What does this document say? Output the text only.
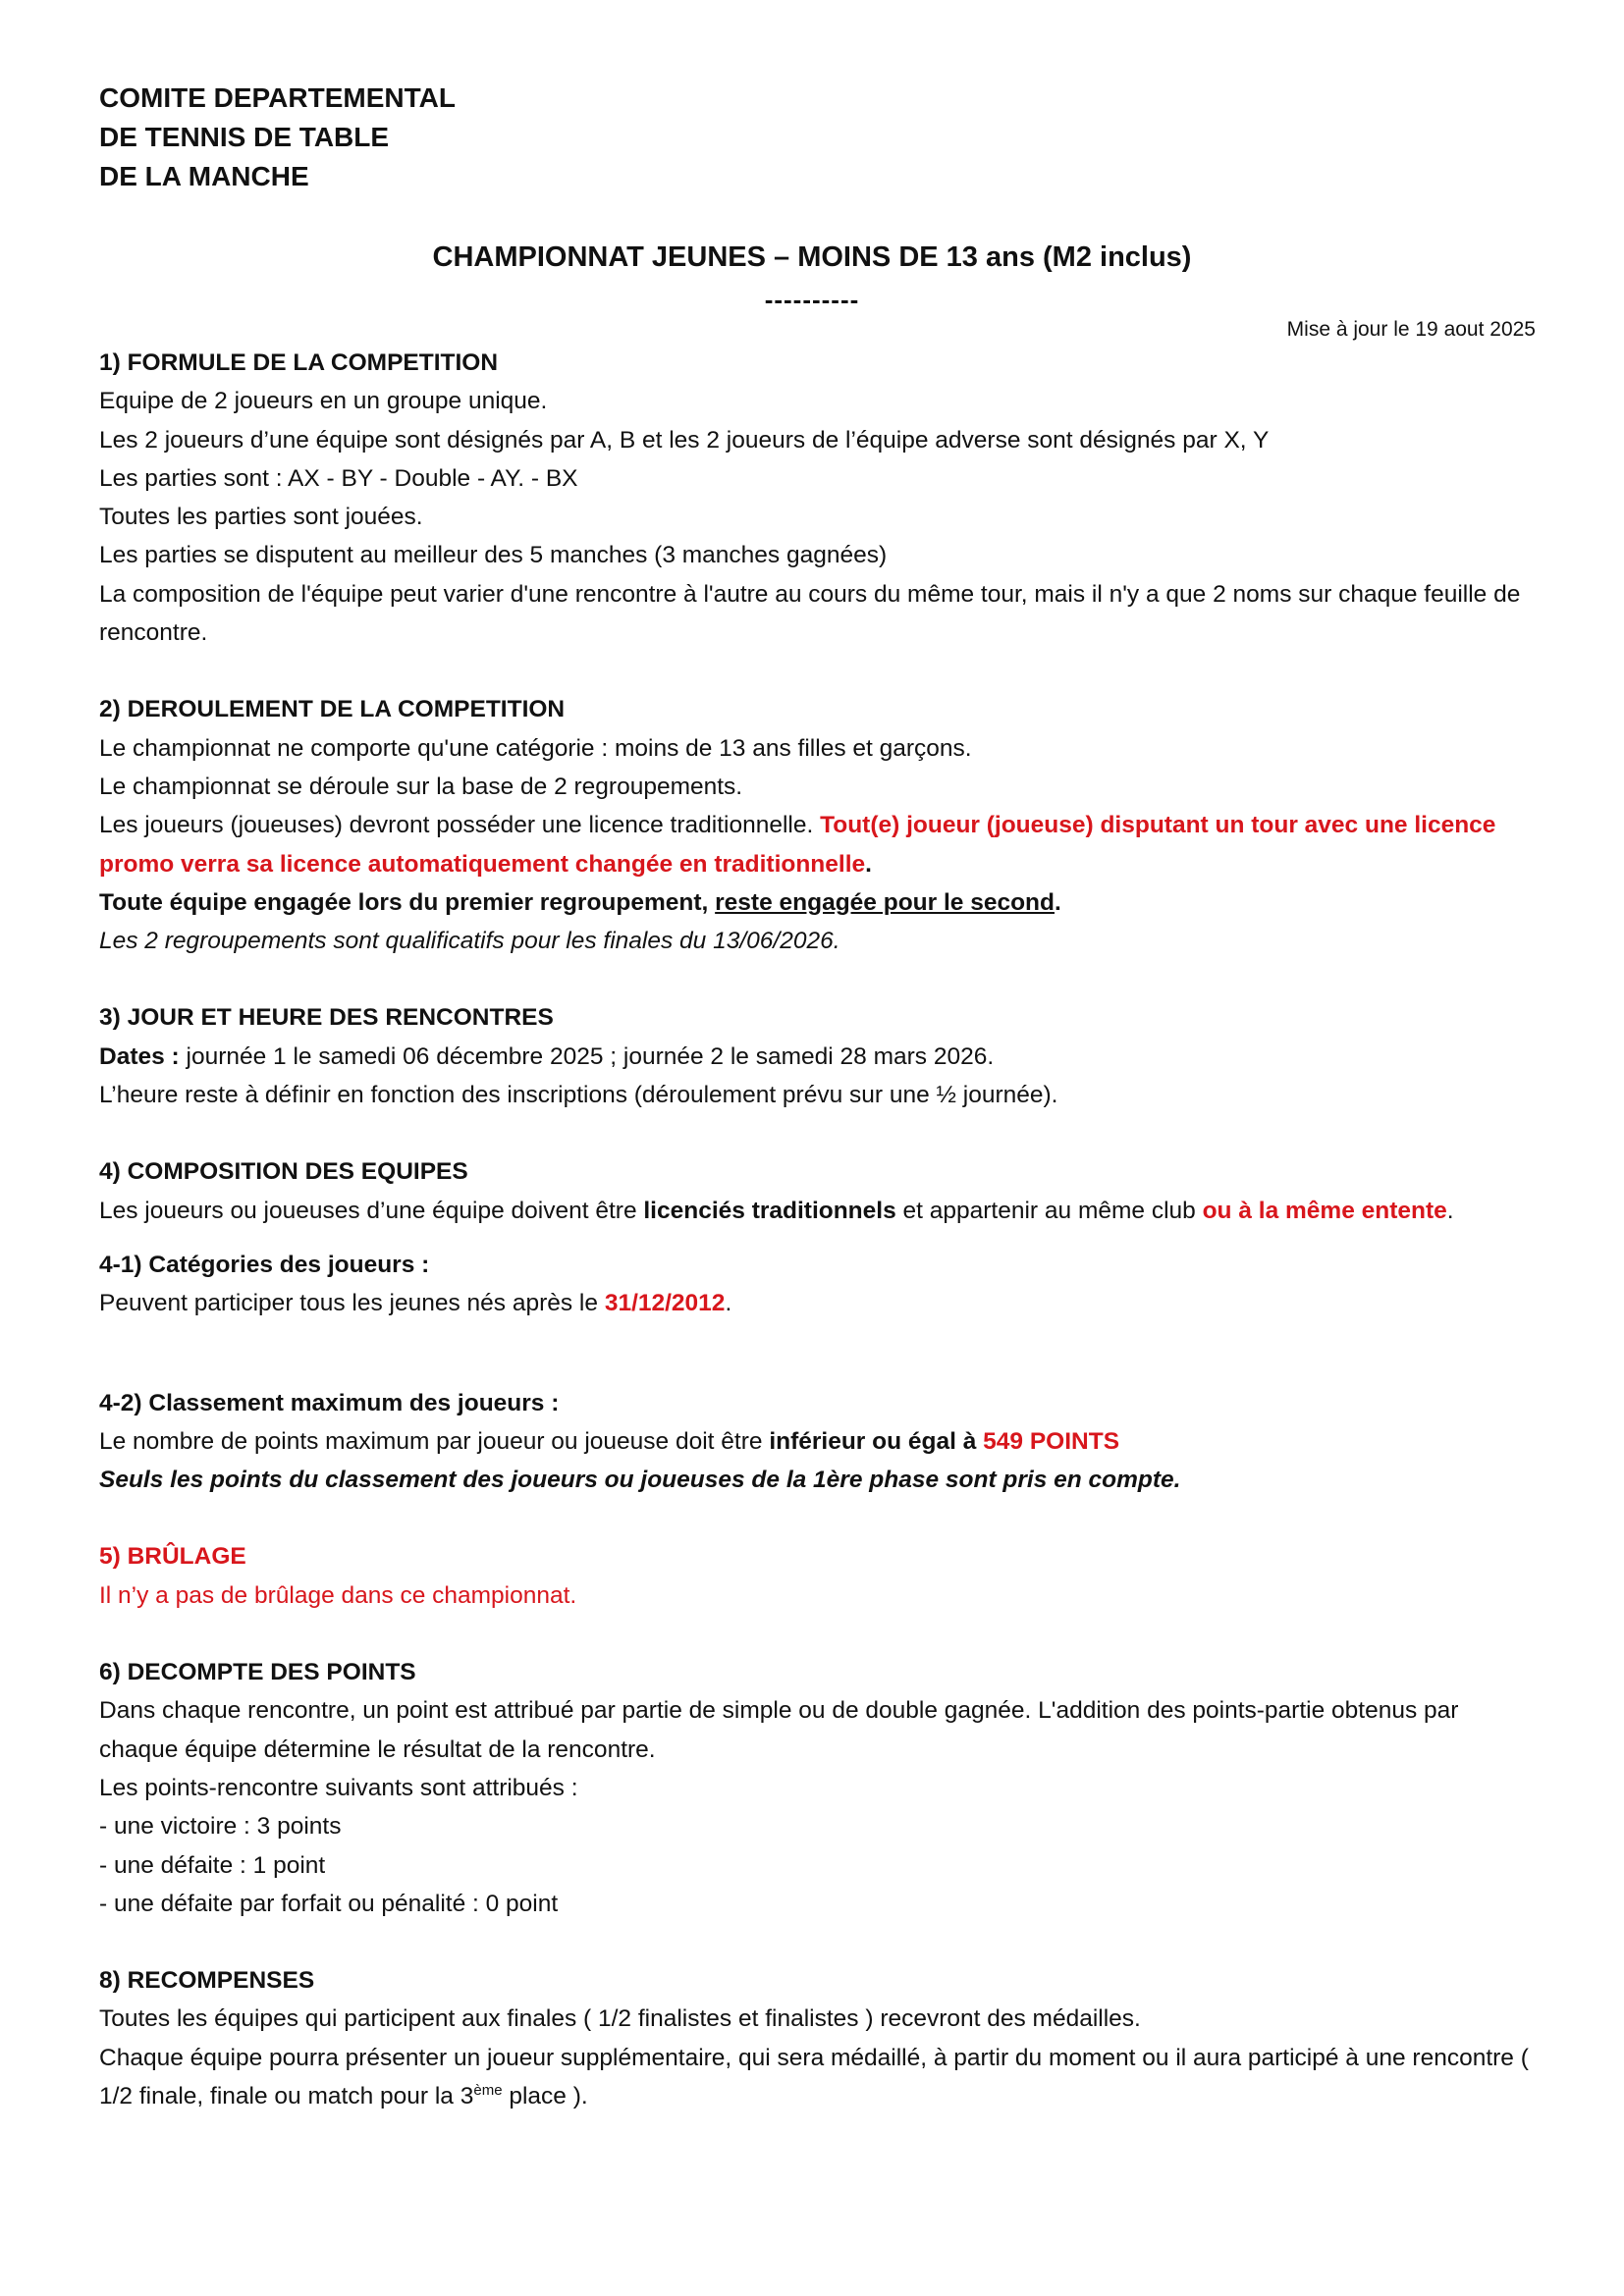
COMITE DEPARTEMENTAL
DE TENNIS DE TABLE
DE LA MANCHE
CHAMPIONNAT JEUNES – MOINS DE 13 ans (M2 inclus)
----------
Mise à jour le 19 aout 2025

1) FORMULE DE LA COMPETITION

Equipe de 2 joueurs en un groupe unique.

Les 2 joueurs d’une équipe sont désignés par A, B et les 2 joueurs de l’équipe adverse sont désignés par X, Y

Les parties sont : AX - BY - Double - AY. - BX

Toutes les parties sont jouées.

Les parties se disputent au meilleur des 5 manches (3 manches gagnées)

La composition de l'équipe peut varier d'une rencontre à l'autre au cours du même tour, mais il n'y a que 2 noms sur chaque feuille de rencontre.

2) DEROULEMENT DE LA COMPETITION

Le championnat ne comporte qu'une catégorie : moins de 13 ans filles et garçons.

Le championnat se déroule sur la base de 2 regroupements.

Les joueurs (joueuses) devront posséder une licence traditionnelle. Tout(e) joueur (joueuse) disputant un tour avec une licence promo verra sa licence automatiquement changée en traditionnelle.

Toute équipe engagée lors du premier regroupement, reste engagée pour le second.

Les 2 regroupements sont qualificatifs pour les finales du 13/06/2026.

3) JOUR ET HEURE DES RENCONTRES

Dates : journée 1 le samedi 06 décembre 2025 ; journée 2 le samedi 28 mars 2026.

L’heure reste à définir en fonction des inscriptions (déroulement prévu sur une ½ journée).

4) COMPOSITION DES EQUIPES

Les joueurs ou joueuses d’une équipe doivent être licenciés traditionnels et appartenir au même club ou à la même entente.

4-1) Catégories des joueurs :

Peuvent participer tous les jeunes nés après le 31/12/2012.

4-2) Classement maximum des joueurs :

Le nombre de points maximum par joueur ou joueuse doit être inférieur ou égal à 549 POINTS

Seuls les points du classement des joueurs ou joueuses de la 1ère phase sont pris en compte.

5) BRÛLAGE

Il n’y a pas de brûlage dans ce championnat.

6) DECOMPTE DES POINTS

Dans chaque rencontre, un point est attribué par partie de simple ou de double gagnée. L'addition des points-partie obtenus par chaque équipe détermine le résultat de la rencontre.

Les points-rencontre suivants sont attribués :

- une victoire : 3 points

- une défaite : 1 point

- une défaite par forfait ou pénalité : 0 point

8) RECOMPENSES

Toutes les équipes qui participent aux finales ( 1/2 finalistes et finalistes ) recevront des médailles.

Chaque équipe pourra présenter un joueur supplémentaire, qui sera médaillé, à partir du moment ou il aura participé à une rencontre ( 1/2 finale, finale ou match pour la 3ème place ).
